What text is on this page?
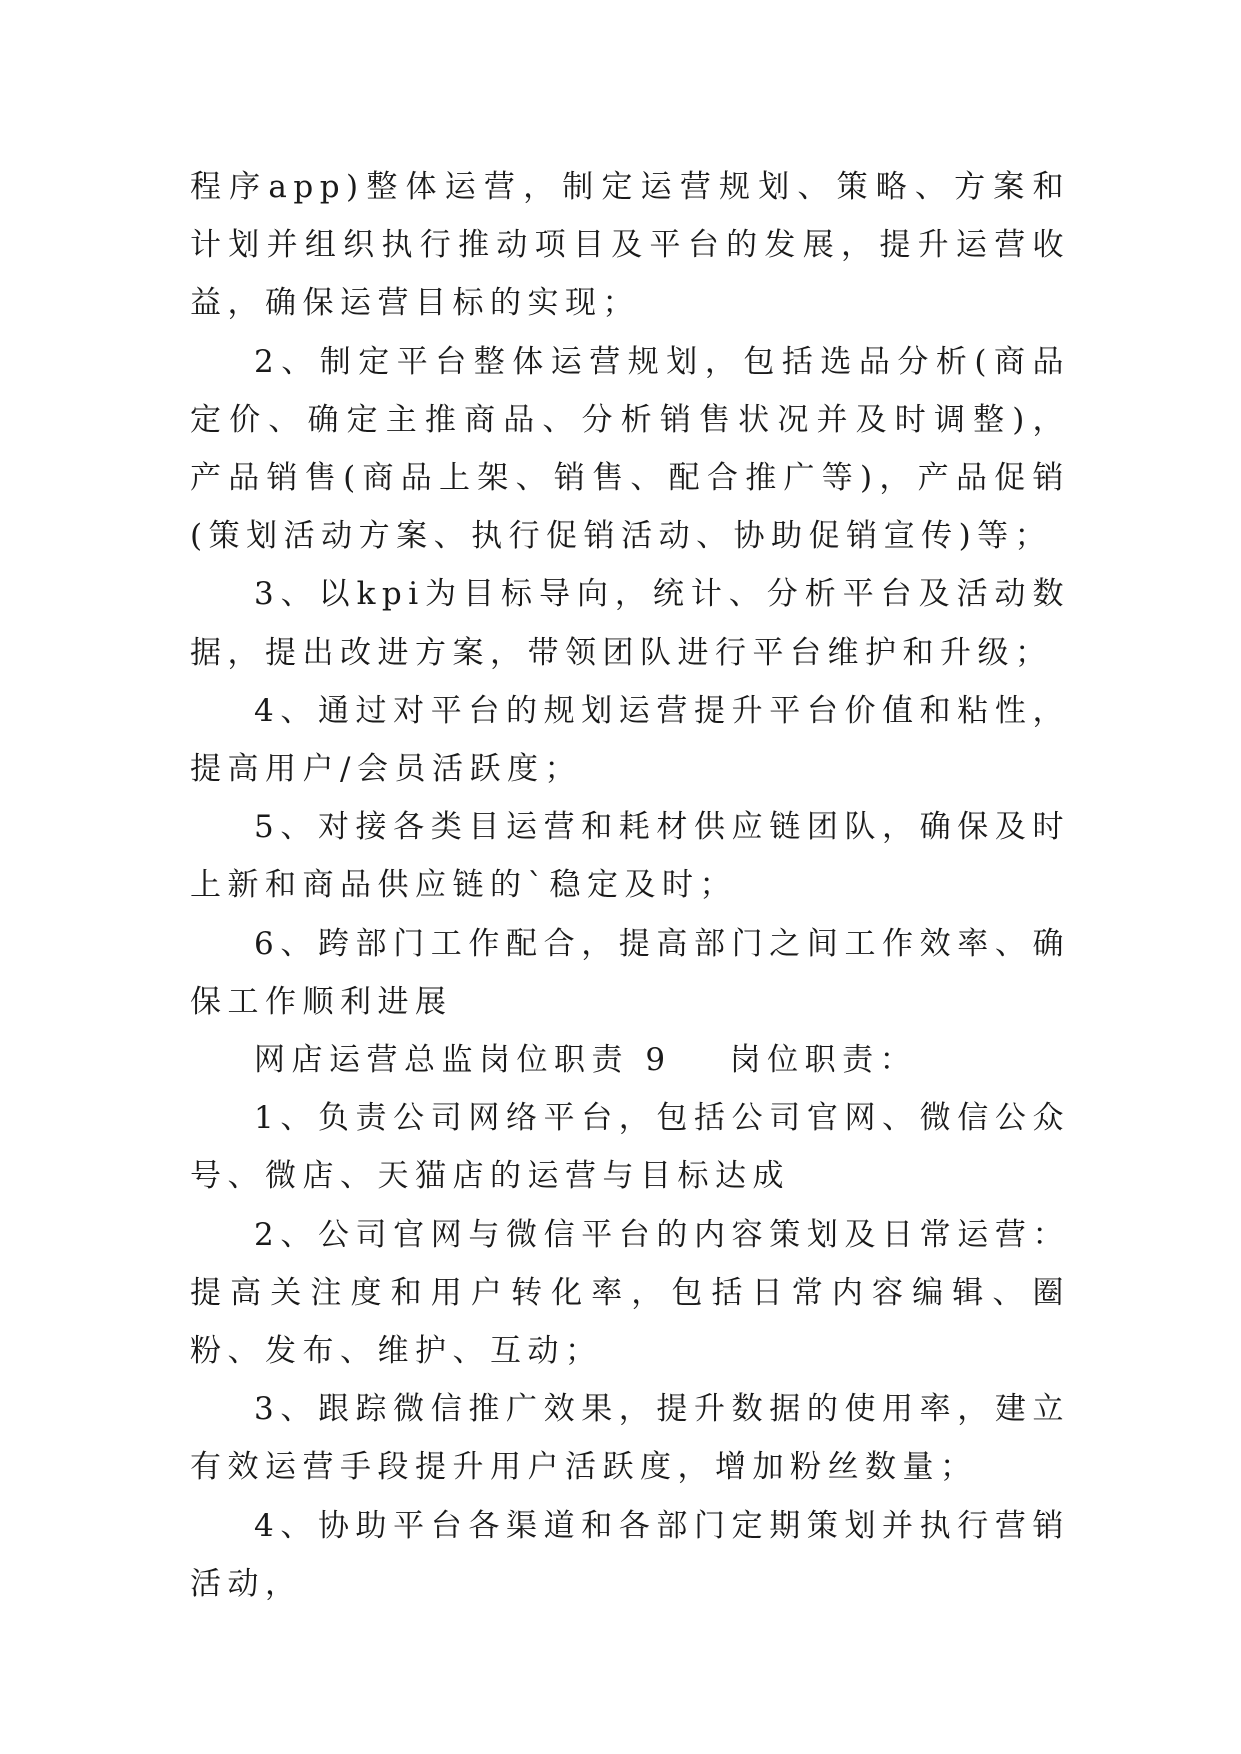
程序app)整体运营，制定运营规划、策略、方案和计划并组织执行推动项目及平台的发展，提升运营收益，确保运营目标的实现；

2、制定平台整体运营规划，包括选品分析(商品定价、确定主推商品、分析销售状况并及时调整)，产品销售(商品上架、销售、配合推广等)，产品促销(策划活动方案、执行促销活动、协助促销宣传)等；

3、以kpi为目标导向，统计、分析平台及活动数据，提出改进方案，带领团队进行平台维护和升级；

4、通过对平台的规划运营提升平台价值和粘性，提高用户/会员活跃度；

5、对接各类目运营和耗材供应链团队，确保及时上新和商品供应链的`稳定及时；

6、跨部门工作配合，提高部门之间工作效率、确保工作顺利进展

网店运营总监岗位职责 9 岗位职责：

1、负责公司网络平台，包括公司官网、微信公众号、微店、天猫店的运营与目标达成

2、公司官网与微信平台的内容策划及日常运营：提高关注度和用户转化率，包括日常内容编辑、圈粉、发布、维护、互动；

3、跟踪微信推广效果，提升数据的使用率，建立有效运营手段提升用户活跃度，增加粉丝数量；

4、协助平台各渠道和各部门定期策划并执行营销活动，
